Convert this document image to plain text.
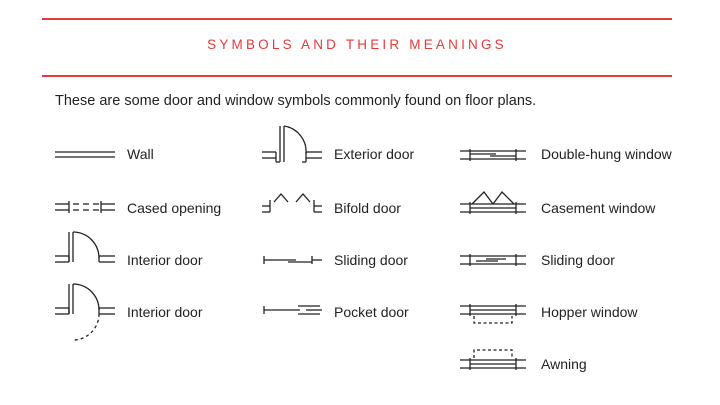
SYMBOLS AND THEIR MEANINGS
These are some door and window symbols commonly found on floor plans.
Wall
Cased opening
Interior door
Interior door
Exterior door
Bifold door
Sliding door
Pocket door
Double-hung window
Casement window
Sliding door
Hopper window
Awning
